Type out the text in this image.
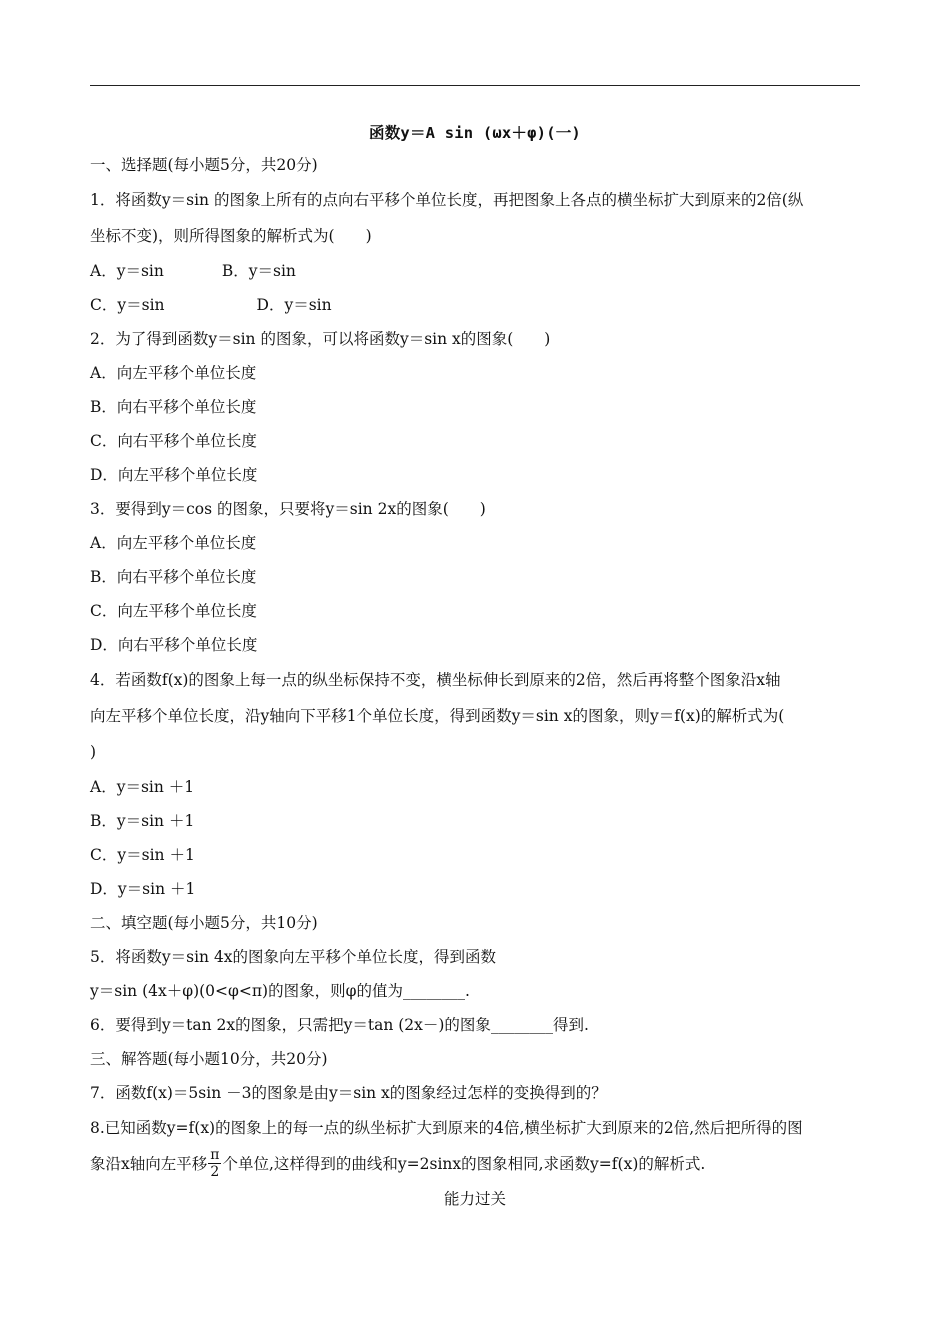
函数y＝A sin (ωx＋φ)(一)
一、选择题(每小题5分，共20分)
1．将函数y＝sin 的图象上所有的点向右平移个单位长度，再把图象上各点的横坐标扩大到原来的2倍(纵
坐标不变)，则所得图象的解析式为(　　)
A．y＝sin	B．y＝sin
C．y＝sin	D．y＝sin
2．为了得到函数y＝sin 的图象，可以将函数y＝sin x的图象(　　)
A．向左平移个单位长度
B．向右平移个单位长度
C．向右平移个单位长度
D．向左平移个单位长度
3．要得到y＝cos 的图象，只要将y＝sin 2x的图象(　　)
A．向左平移个单位长度
B．向右平移个单位长度
C．向左平移个单位长度
D．向右平移个单位长度
4．若函数f(x)的图象上每一点的纵坐标保持不变，横坐标伸长到原来的2倍，然后再将整个图象沿x轴
向左平移个单位长度，沿y轴向下平移1个单位长度，得到函数y＝sin x的图象，则y＝f(x)的解析式为(
)
A．y＝sin ＋1
B．y＝sin ＋1
C．y＝sin ＋1
D．y＝sin ＋1
二、填空题(每小题5分，共10分)
5．将函数y＝sin 4x的图象向左平移个单位长度，得到函数
y＝sin (4x＋φ)(0<φ<π)的图象，则φ的值为________.
6．要得到y＝tan 2x的图象，只需把y＝tan (2x－)的图象________得到.
三、解答题(每小题10分，共20分)
7．函数f(x)＝5sin －3的图象是由y＝sin x的图象经过怎样的变换得到的？
8.已知函数y=f(x)的图象上的每一点的纵坐标扩大到原来的4倍,横坐标扩大到原来的2倍,然后把所得的图
象沿x轴向左平移 $\frac{\pi}{2}$ 个单位,这样得到的曲线和y=2sinx的图象相同,求函数y=f(x)的解析式.
能力过关
